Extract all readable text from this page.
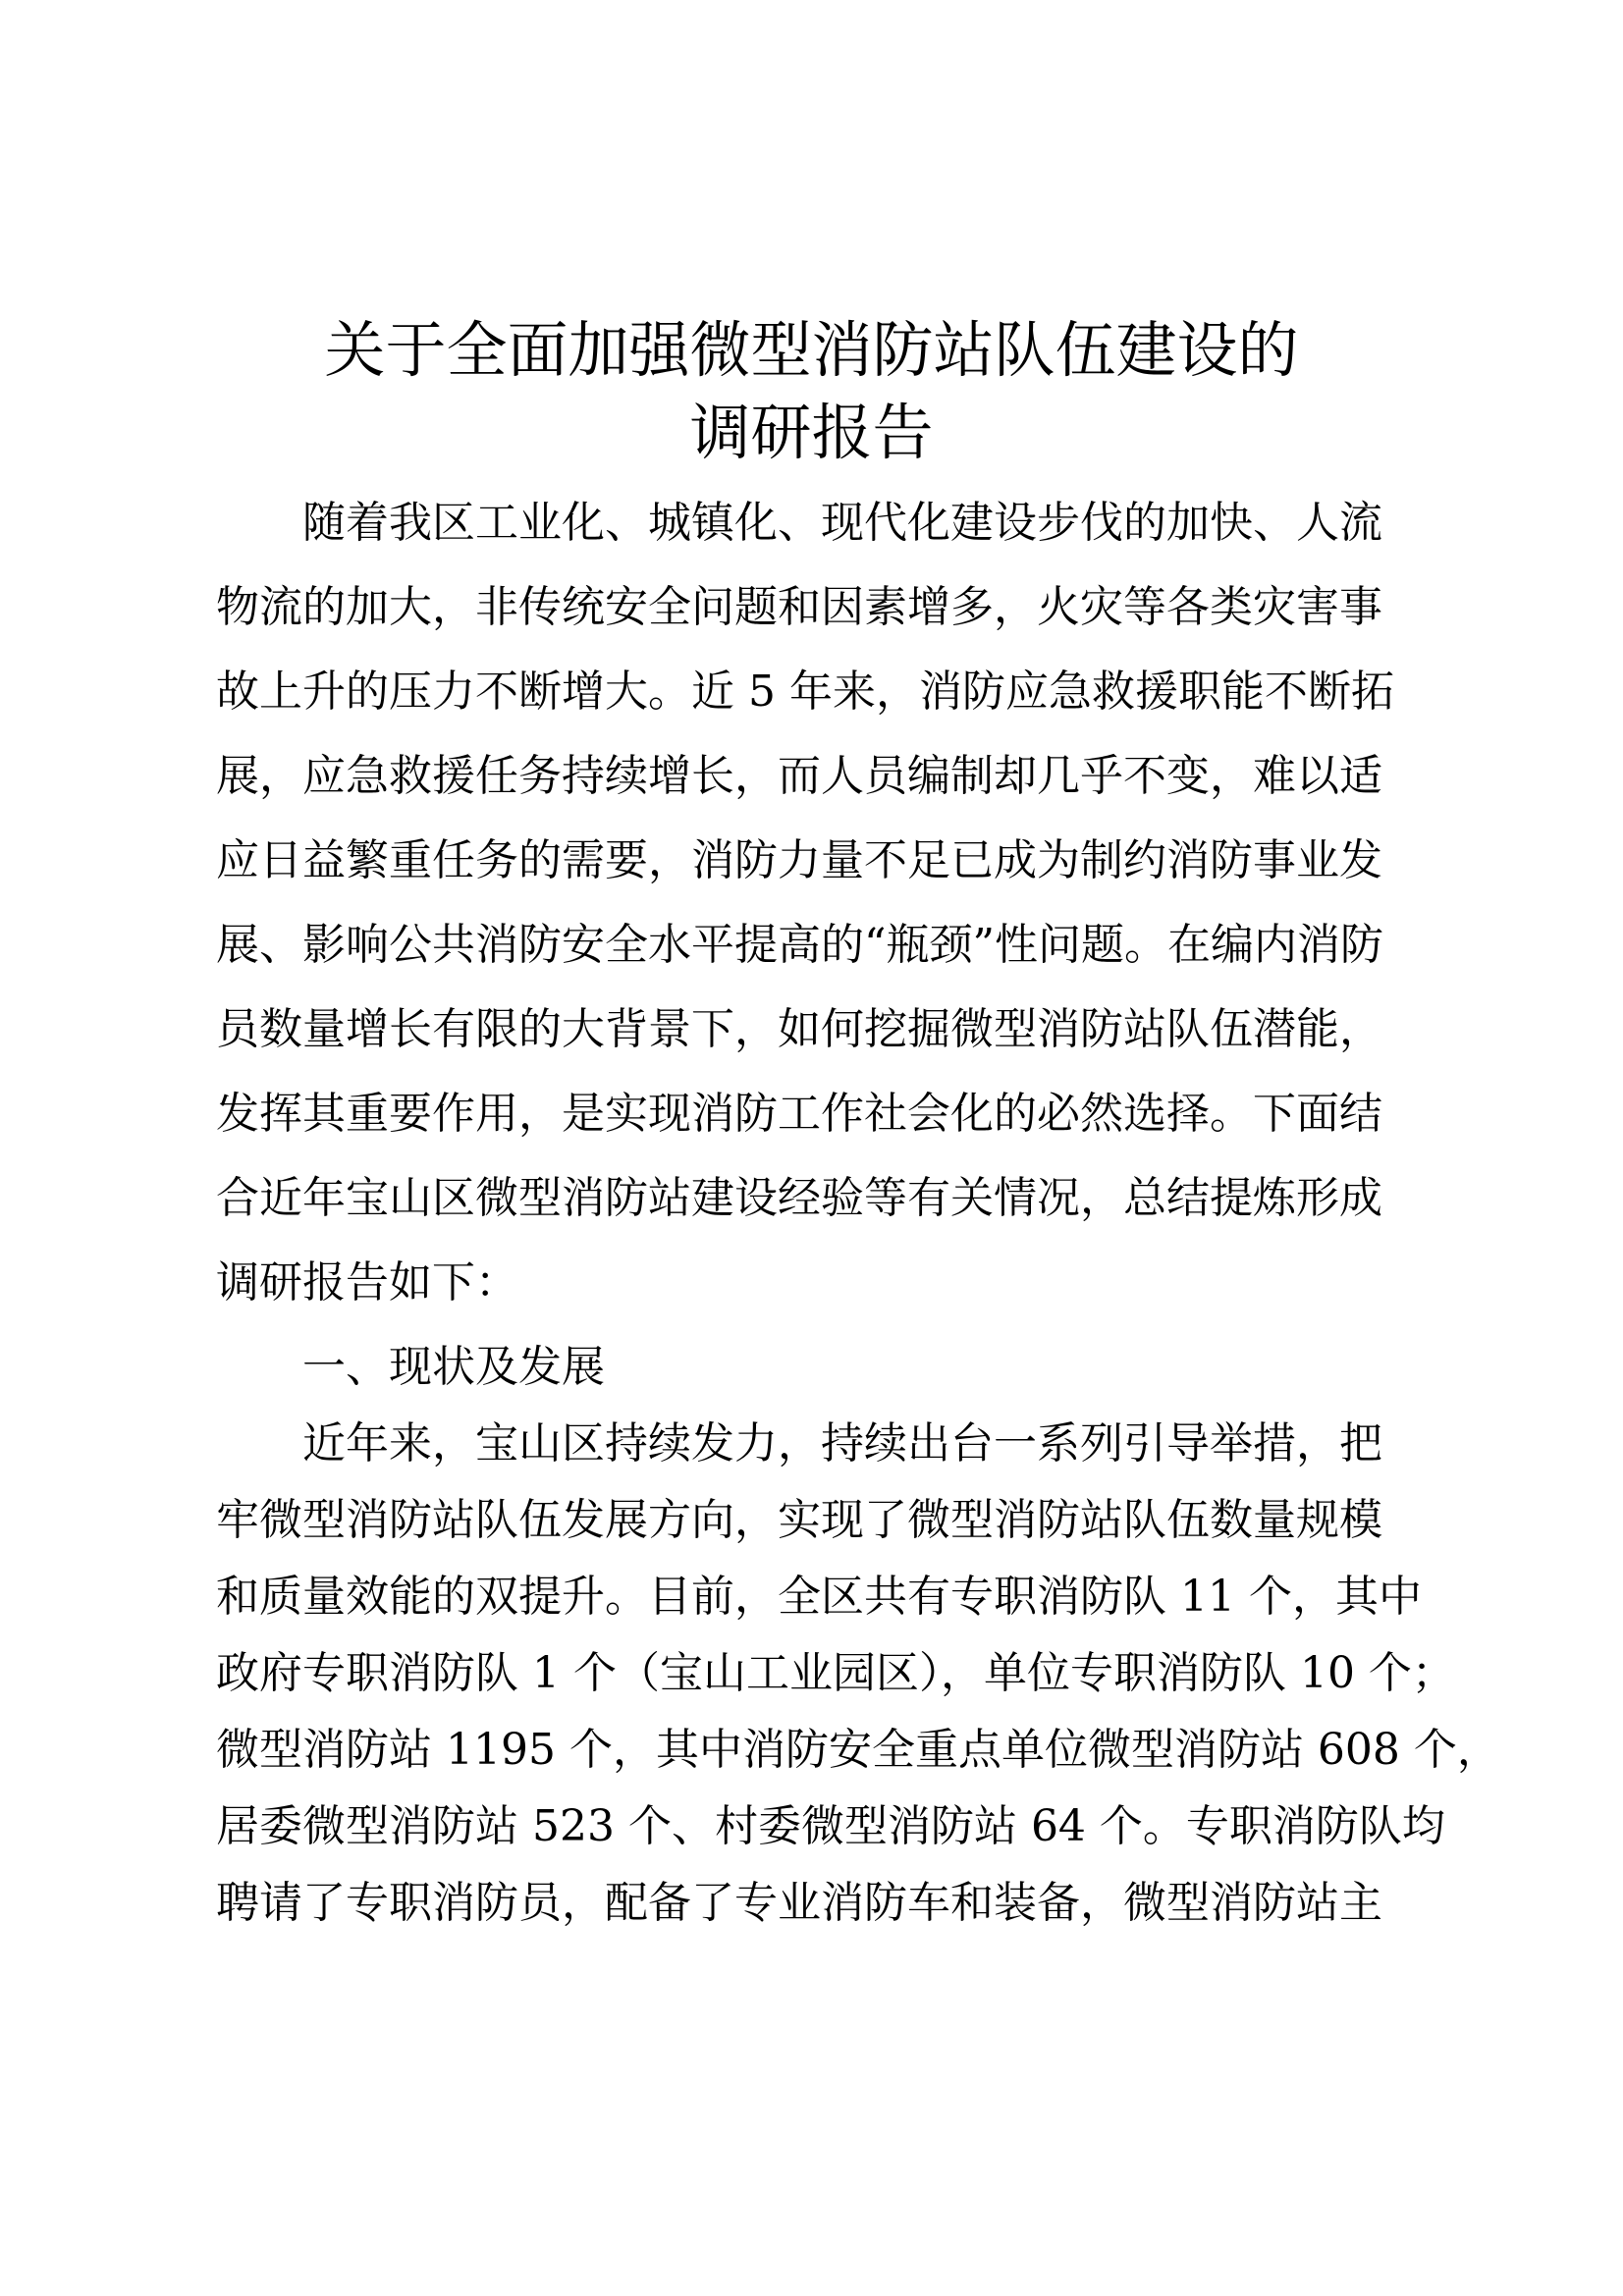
关于全面加强微型消防站队伍建设的
调研报告
随着我区工业化、城镇化、现代化建设步伐的加快、人流
物流的加大，非传统安全问题和因素增多，火灾等各类灾害事
故上升的压力不断增大。近 5 年来，消防应急救援职能不断拓
展，应急救援任务持续增长，而人员编制却几乎不变，难以适
应日益繁重任务的需要，消防力量不足已成为制约消防事业发
展、影响公共消防安全水平提高的“瓶颈”性问题。在编内消防
员数量增长有限的大背景下，如何挖掘微型消防站队伍潜能，
发挥其重要作用，是实现消防工作社会化的必然选择。下面结
合近年宝山区微型消防站建设经验等有关情况，总结提炼形成
调研报告如下：
一、现状及发展
近年来，宝山区持续发力，持续出台一系列引导举措，把
牢微型消防站队伍发展方向，实现了微型消防站队伍数量规模
和质量效能的双提升。目前，全区共有专职消防队 11 个，其中
政府专职消防队 1 个（宝山工业园区），单位专职消防队 10 个；
微型消防站 1195 个，其中消防安全重点单位微型消防站 608 个，
居委微型消防站 523 个、村委微型消防站 64 个。专职消防队均
聘请了专职消防员，配备了专业消防车和装备，微型消防站主
